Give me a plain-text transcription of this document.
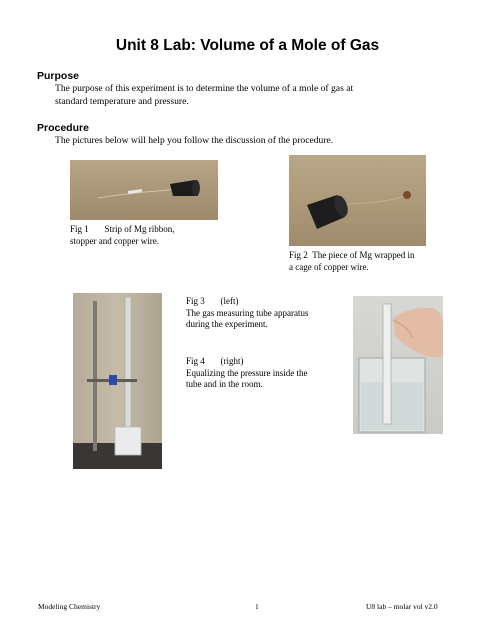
Unit 8 Lab: Volume of a Mole of Gas
Purpose
The purpose of this experiment is to determine the volume of a mole of gas at
standard temperature and pressure.
Procedure
The pictures below will help you follow the discussion of the procedure.
Fig 1 Strip of Mg ribbon,
stopper and copper wire.
Fig 2 The piece of Mg wrapped in
a cage of copper wire.
Fig 3 (left)
The gas measuring tube apparatus
during the experiment.
Fig 4 (right)
Equalizing the pressure inside the
tube and in the room.
Modeling Chemistry	1	U8 lab – molar vol v2.0
